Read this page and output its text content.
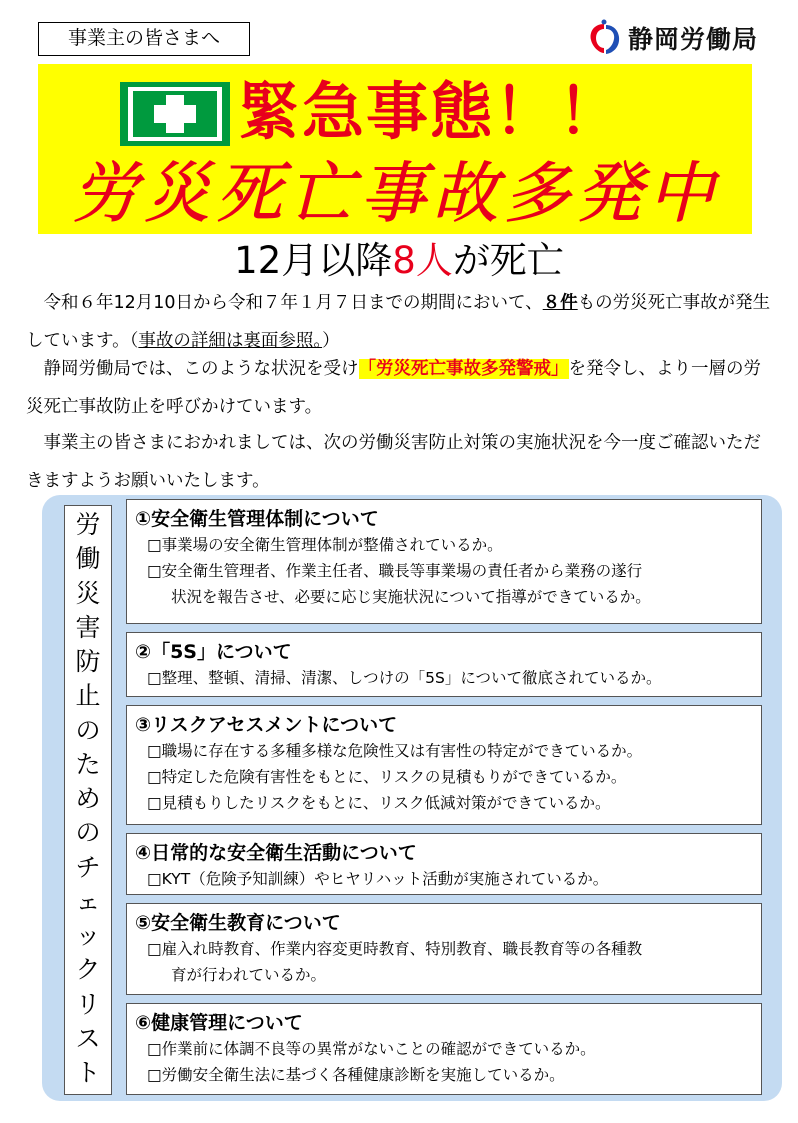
事業主の皆さまへ	静岡労働局
緊急事態！！
労災死亡事故多発中
12月以降8人が死亡
令和６年12月10日から令和７年１月７日までの期間において、８件もの労災死亡事故が発生しています。（事故の詳細は裏面参照。）
静岡労働局では、このような状況を受け「労災死亡事故多発警戒」を発令し、より一層の労災死亡事故防止を呼びかけています。
事業主の皆さまにおかれましては、次の労働災害防止対策の実施状況を今一度ご確認いただきますようお願いいたします。
労
働
災
害
防
止
の
た
め
の
チ
ェ
ッ
ク
リ
ス
ト
①安全衛生管理体制について
□事業場の安全衛生管理体制が整備されているか。
□安全衛生管理者、作業主任者、職長等事業場の責任者から業務の遂行
状況を報告させ、必要に応じ実施状況について指導ができているか。
②「5S」について
□整理、整頓、清掃、清潔、しつけの「5S」について徹底されているか。
③リスクアセスメントについて
□職場に存在する多種多様な危険性又は有害性の特定ができているか。
□特定した危険有害性をもとに、リスクの見積もりができているか。
□見積もりしたリスクをもとに、リスク低減対策ができているか。
④日常的な安全衛生活動について
□KYT（危険予知訓練）やヒヤリハット活動が実施されているか。
⑤安全衛生教育について
□雇入れ時教育、作業内容変更時教育、特別教育、職長教育等の各種教
育が行われているか。
⑥健康管理について
□作業前に体調不良等の異常がないことの確認ができているか。
□労働安全衛生法に基づく各種健康診断を実施しているか。
